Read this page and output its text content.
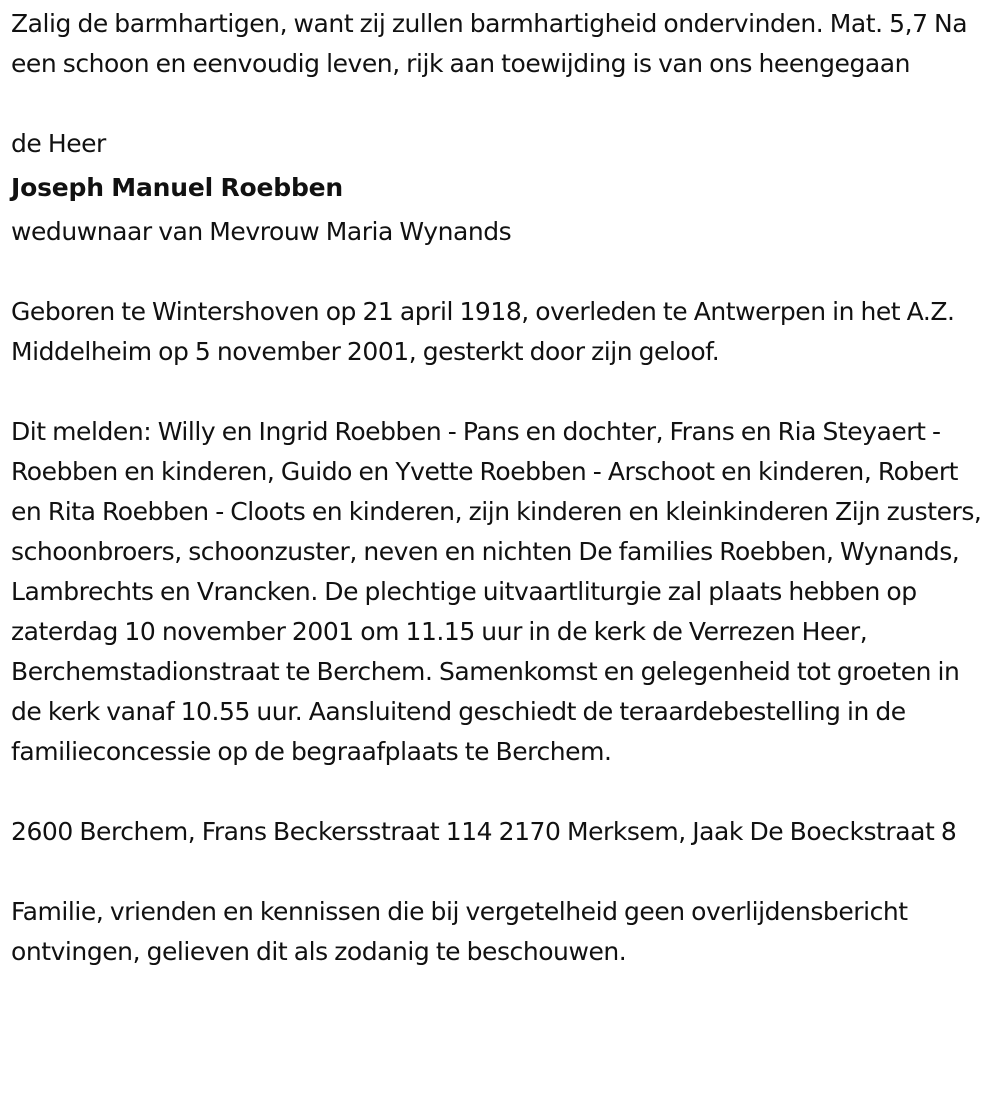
Zalig de barmhartigen, want zij zullen barmhartigheid ondervinden. Mat. 5,7 Na een schoon en eenvoudig leven, rijk aan toewijding is van ons heengegaan

de Heer

Joseph Manuel Roebben

weduwnaar van Mevrouw Maria Wynands

Geboren te Wintershoven op 21 april 1918, overleden te Antwerpen in het A.Z. Middelheim op 5 november 2001, gesterkt door zijn geloof.

Dit melden: Willy en Ingrid Roebben - Pans en dochter, Frans en Ria Steyaert - Roebben en kinderen, Guido en Yvette Roebben - Arschoot en kinderen, Robert en Rita Roebben - Cloots en kinderen, zijn kinderen en kleinkinderen Zijn zusters, schoonbroers, schoonzuster, neven en nichten De families Roebben, Wynands, Lambrechts en Vrancken. De plechtige uitvaartliturgie zal plaats hebben op zaterdag 10 november 2001 om 11.15 uur in de kerk de Verrezen Heer, Berchemstadionstraat te Berchem. Samenkomst en gelegenheid tot groeten in de kerk vanaf 10.55 uur. Aansluitend geschiedt de teraardebestelling in de familieconcessie op de begraafplaats te Berchem.

2600 Berchem, Frans Beckersstraat 114 2170 Merksem, Jaak De Boeckstraat 8

Familie, vrienden en kennissen die bij vergetelheid geen overlijdensbericht ontvingen, gelieven dit als zodanig te beschouwen.
